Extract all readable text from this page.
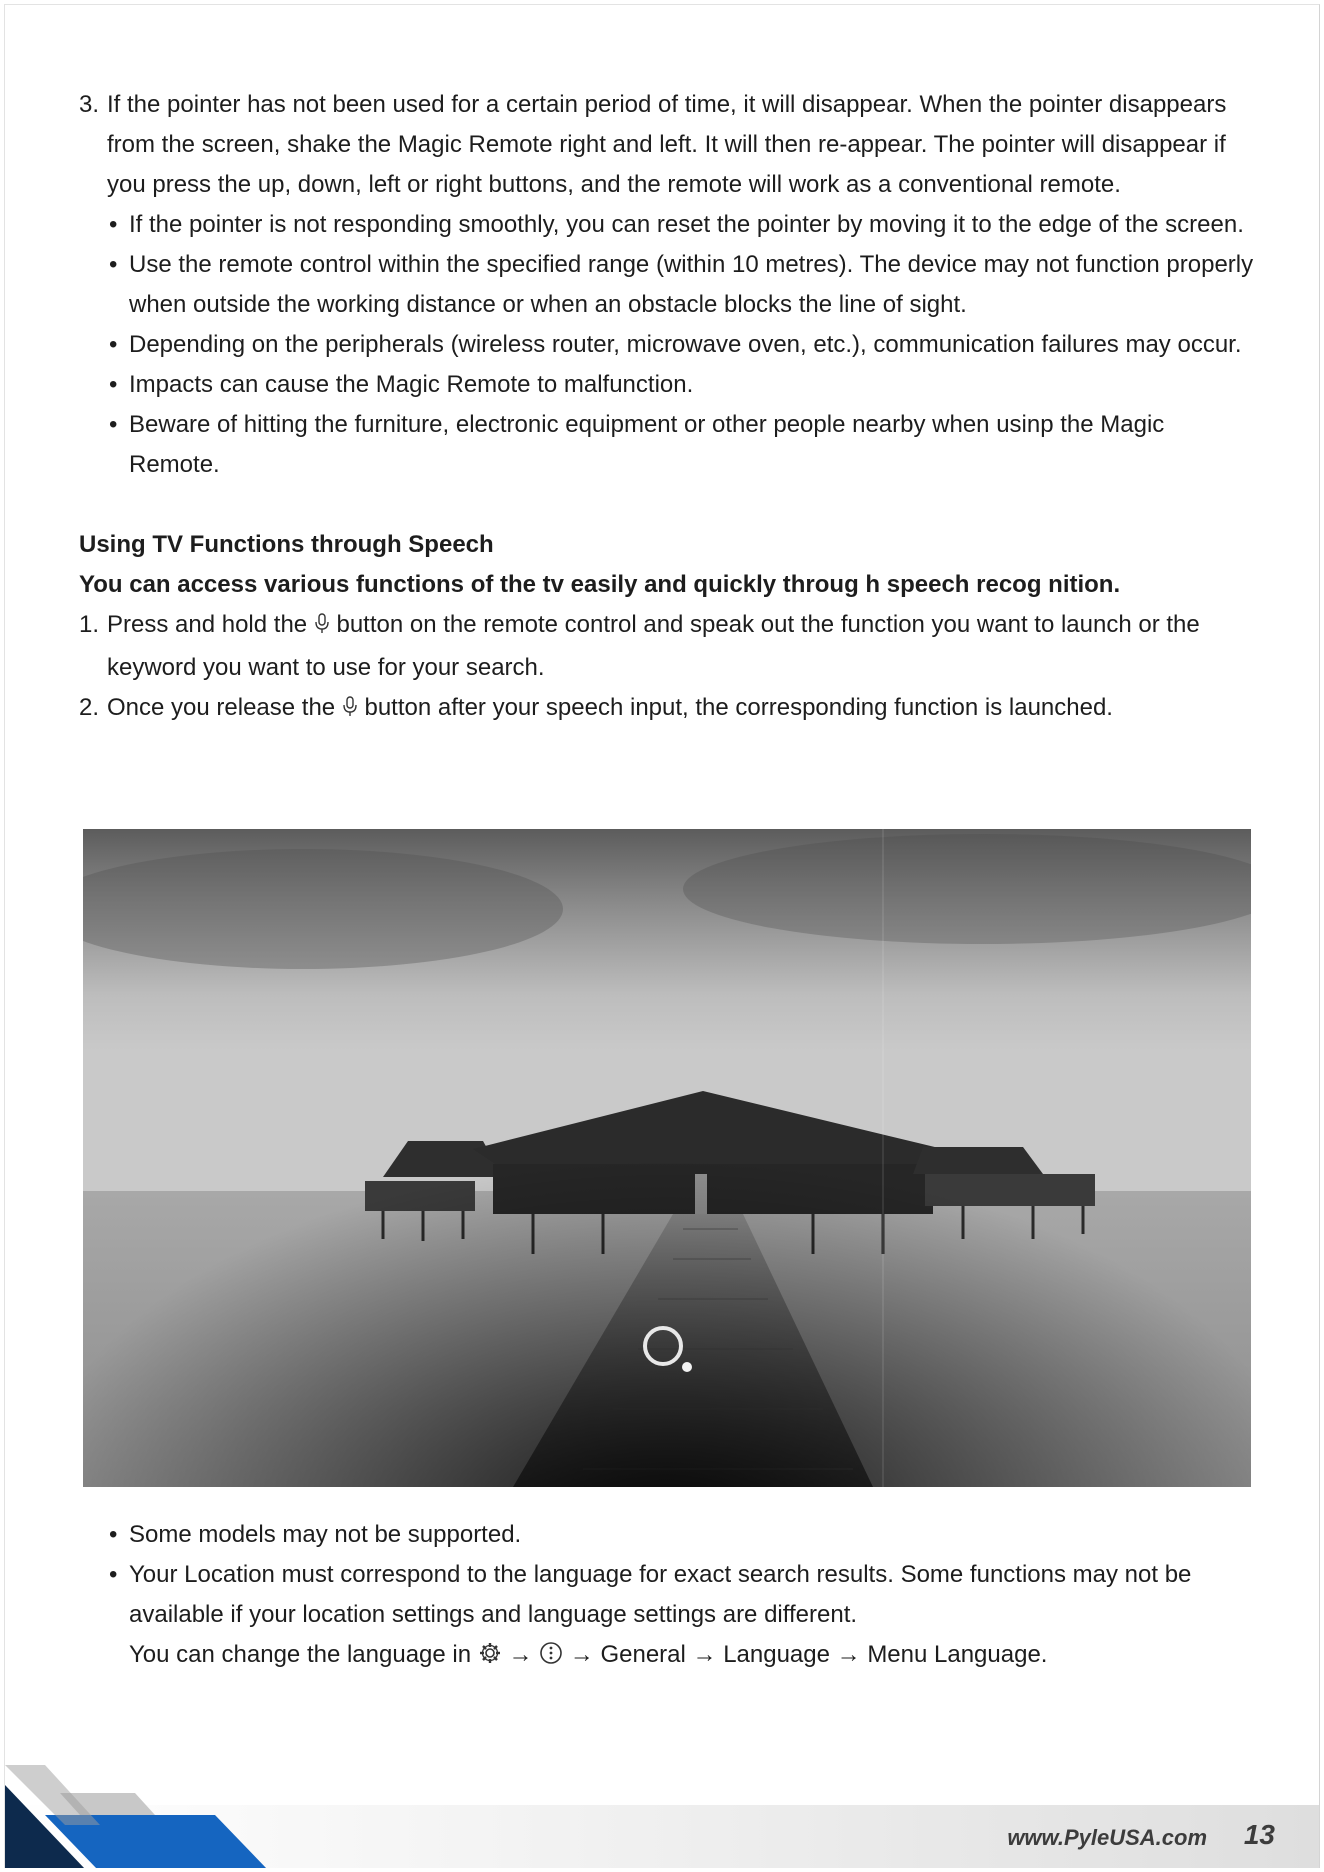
3. If the pointer has not been used for a certain period of time, it will disappear. When the pointer disappears from the screen, shake the Magic Remote right and left. It will then re-appear. The pointer will disappear if you press the up, down, left or right buttons, and the remote will work as a conventional remote.
• If the pointer is not responding smoothly, you can reset the pointer by moving it to the edge of the screen.
• Use the remote control within the specified range (within 10 metres). The device may not function properly when outside the working distance or when an obstacle blocks the line of sight.
• Depending on the peripherals (wireless router, microwave oven, etc.), communication failures may occur.
• Impacts can cause the Magic Remote to malfunction.
• Beware of hitting the furniture, electronic equipment or other people nearby when usinp the Magic Remote.

Using TV Functions through Speech

You can access various functions of the tv easily and quickly throug h speech recog nition.

1. Press and hold the button on the remote control and speak out the function you want to launch or the keyword you want to use for your search.
2. Once you release the button after your speech input, the corresponding function is launched.
• Some models may not be supported.
• Your Location must correspond to the language for exact search results. Some functions may not be available if your location settings and language settings are different.
You can change the language in → → General → Language → Menu Language.
www.PyleUSA.com 13
